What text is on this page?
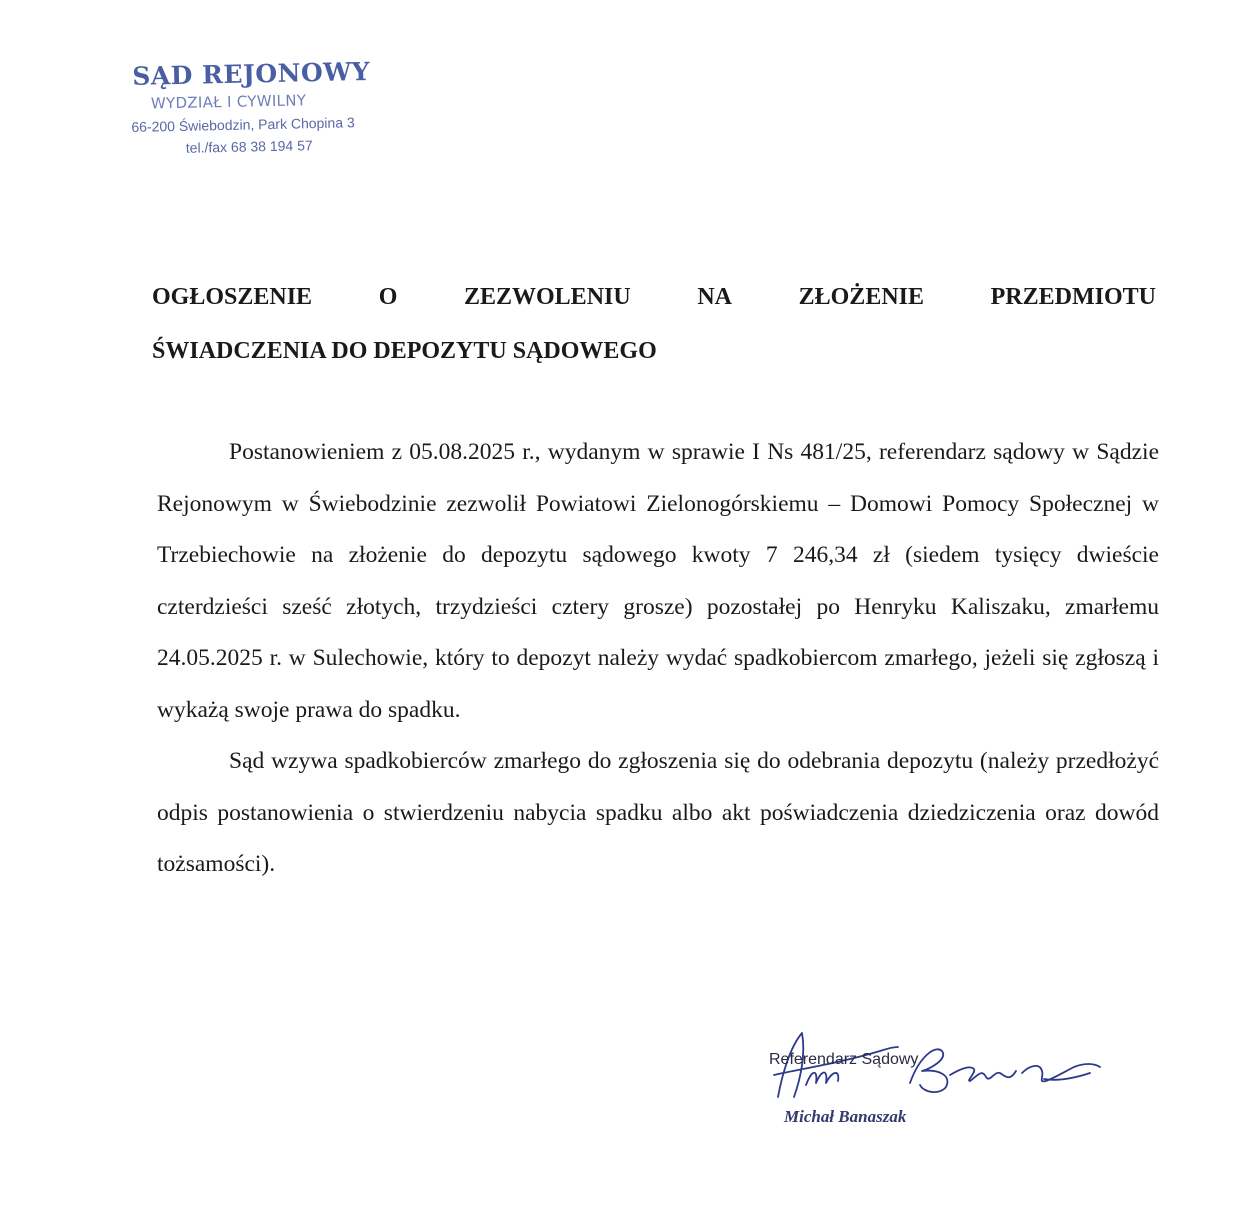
SĄD REJONOWY
WYDZIAŁ I CYWILNY
66-200 Świebodzin, Park Chopina 3
tel./fax 68 38 194 57
OGŁOSZENIE	O	ZEZWOLENIU	NA	ZŁOŻENIE	PRZEDMIOTU
ŚWIADCZENIA DO DEPOZYTU SĄDOWEGO

Postanowieniem z 05.08.2025 r., wydanym w sprawie I Ns 481/25, referendarz sądowy w Sądzie Rejonowym w Świebodzinie zezwolił Powiatowi Zielonogórskiemu – Domowi Pomocy Społecznej w Trzebiechowie na złożenie do depozytu sądowego kwoty 7 246,34 zł (siedem tysięcy dwieście czterdzieści sześć złotych, trzydzieści cztery grosze) pozostałej po Henryku Kaliszaku, zmarłemu 24.05.2025 r. w Sulechowie, który to depozyt należy wydać spadkobiercom zmarłego, jeżeli się zgłoszą i wykażą swoje prawa do spadku.

Sąd wzywa spadkobierców zmarłego do zgłoszenia się do odebrania depozytu (należy przedłożyć odpis postanowienia o stwierdzeniu nabycia spadku albo akt poświadczenia dziedziczenia oraz dowód tożsamości).

Referendarz Sądowy
Michał Banaszak
